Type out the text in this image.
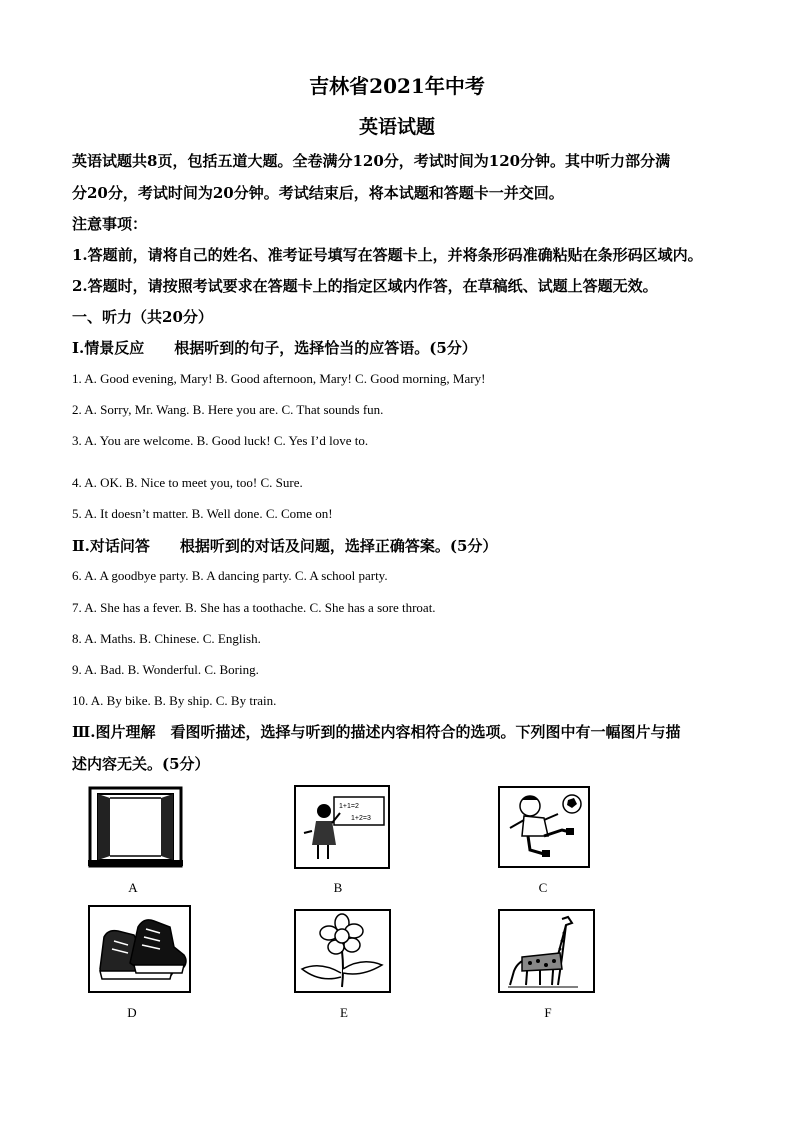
吉林省2021年中考
英语试题
英语试题共8页，包括五道大题。全卷满分120分，考试时间为120分钟。其中听力部分满
分20分，考试时间为20分钟。考试结束后，将本试题和答题卡一并交回。
注意事项：
1.答题前，请将自己的姓名、准考证号填写在答题卡上，并将条形码准确粘贴在条形码区域内。
2.答题时，请按照考试要求在答题卡上的指定区域内作答，在草稿纸、试题上答题无效。
一、听力（共20分）
Ⅰ.情景反应　　根据听到的句子，选择恰当的应答语。(5分）
1. A. Good evening, Mary! B. Good afternoon, Mary! C. Good morning, Mary!
2. A. Sorry, Mr. Wang. B. Here you are. C. That sounds fun.
3. A. You are welcome. B. Good luck! C. Yes I’d love to.
4. A. OK. B. Nice to meet you, too! C. Sure.
5. A. It doesn’t matter. B. Well done. C. Come on!
Ⅱ.对话问答　　根据听到的对话及问题，选择正确答案。(5分）
6. A. A goodbye party. B. A dancing party. C. A school party.
7. A. She has a fever. B. She has a toothache. C. She has a sore throat.
8. A. Maths. B. Chinese. C. English.
9. A. Bad. B. Wonderful. C. Boring.
10. A. By bike. B. By ship. C. By train.
Ⅲ.图片理解　看图听描述，选择与听到的描述内容相符合的选项。下列图中有一幅图片与描
述内容无关。(5分）
A
1+1=2
1+2=3
B	C
D	E	F
